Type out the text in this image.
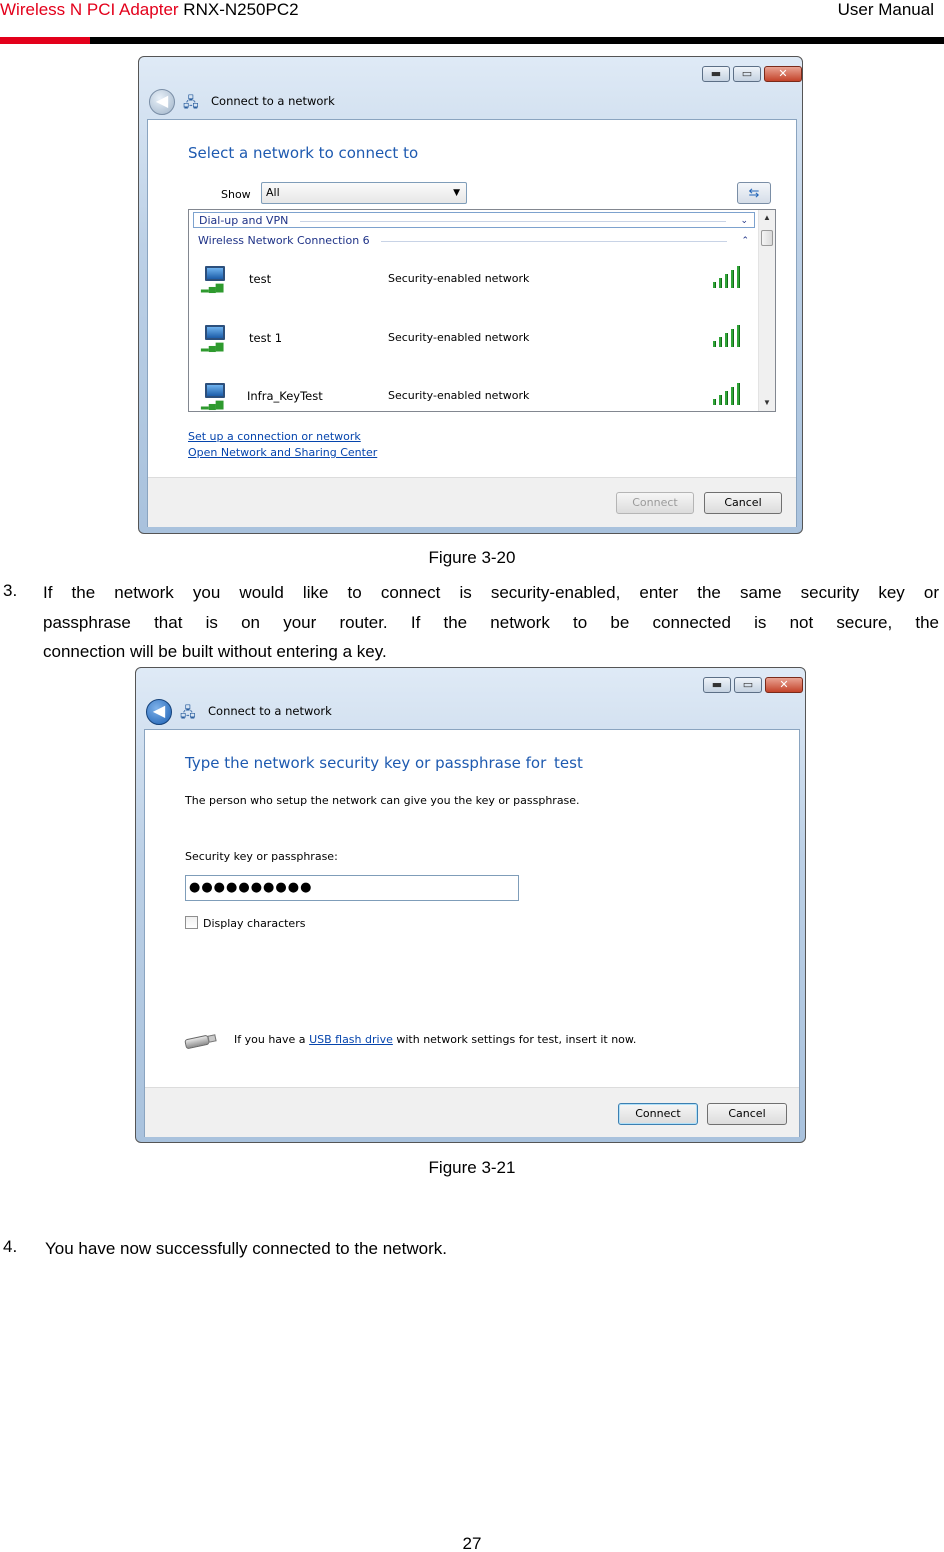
Wireless N PCI Adapter RNX-N250PC2	User Manual
▬	▭	✕
◀	🖧 Connect to a network
Select a network to connect to
Show	All	▼	⇆
Dial-up and VPN	⌄
Wireless Network Connection 6	⌃
▂▄▆
test	Security-enabled network
▂▄▆
test 1	Security-enabled network
▂▄▆
Infra_KeyTest	Security-enabled network
▲
▼
Set up a connection or network
Open Network and Sharing Center
Connect	Cancel
Figure 3-20
3. If the network you would like to connect is security-enabled, enter the same security key or
passphrase that is on your router. If the network to be connected is not secure, the
connection will be built without entering a key.
▬	▭	✕
◀	🖧 Connect to a network
Type the network security key or passphrase for test
The person who setup the network can give you the key or passphrase.
Security key or passphrase:
●●●●●●●●●●
Display characters
If you have a USB flash drive with network settings for test, insert it now.
Connect	Cancel
Figure 3-21
4. You have now successfully connected to the network.
27
